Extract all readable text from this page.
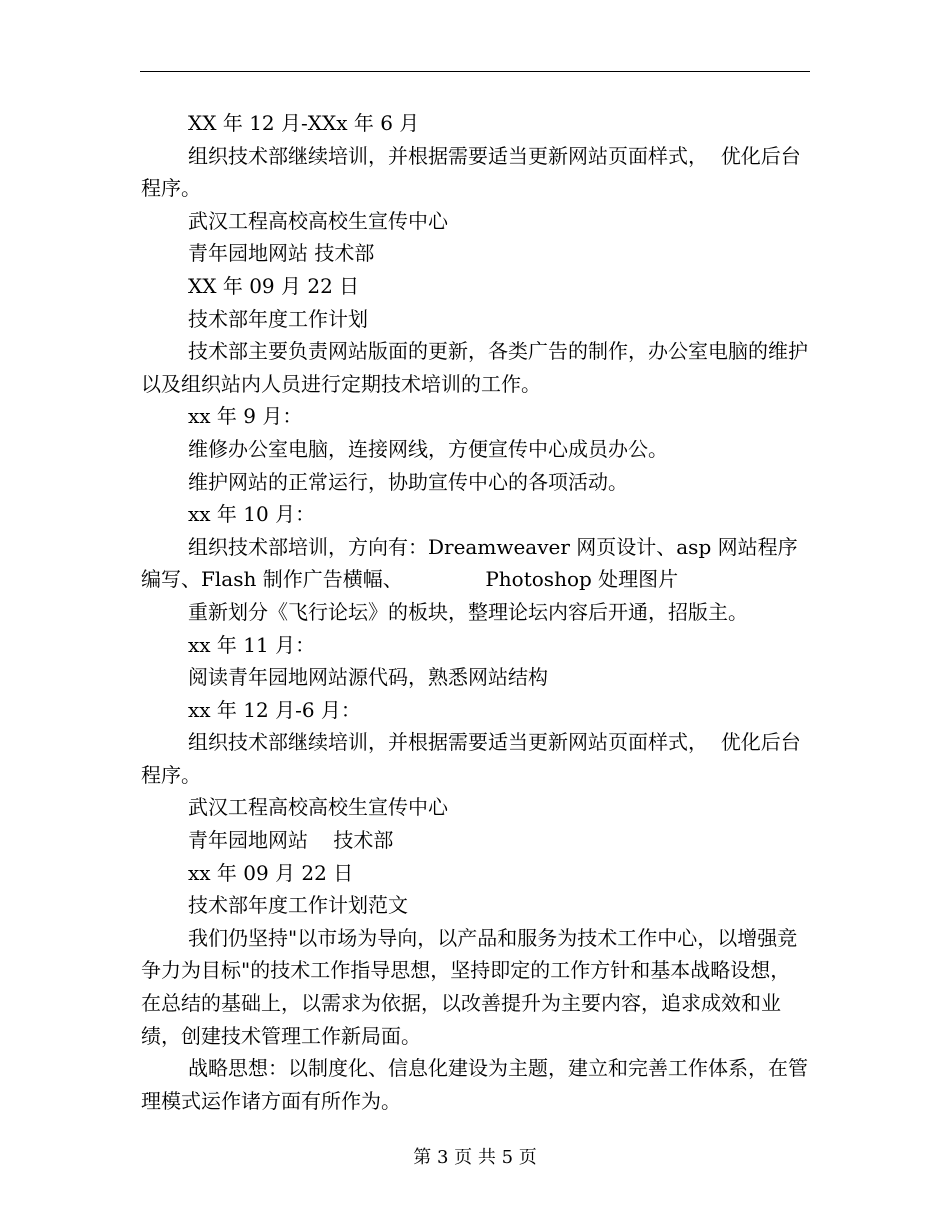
XX 年 12 月-XXx 年 6 月

组织技术部继续培训，并根据需要适当更新网站页面样式，  优化后台程序。

武汉工程高校高校生宣传中心

青年园地网站 技术部

XX 年 09 月 22 日

技术部年度工作计划

技术部主要负责网站版面的更新，各类广告的制作，办公室电脑的维护以及组织站内人员进行定期技术培训的工作。

xx 年 9 月：

维修办公室电脑，连接网线，方便宣传中心成员办公。

维护网站的正常运行，协助宣传中心的各项活动。

xx 年 10 月：

组织技术部培训，方向有：Dreamweaver 网页设计、asp 网站程序编写、Flash 制作广告横幅、             Photoshop 处理图片

重新划分《飞行论坛》的板块，整理论坛内容后开通，招版主。

xx 年 11 月：

阅读青年园地网站源代码，熟悉网站结构

xx 年 12 月-6 月：

组织技术部继续培训，并根据需要适当更新网站页面样式，  优化后台程序。

武汉工程高校高校生宣传中心

青年园地网站    技术部

xx 年 09 月 22 日

技术部年度工作计划范文

我们仍坚持"以市场为导向，以产品和服务为技术工作中心，以增强竞争力为目标"的技术工作指导思想，坚持即定的工作方针和基本战略设想，在总结的基础上，以需求为依据，以改善提升为主要内容，追求成效和业绩，创建技术管理工作新局面。

战略思想：以制度化、信息化建设为主题，建立和完善工作体系，在管理模式运作诸方面有所作为。

第 3 页 共 5 页
